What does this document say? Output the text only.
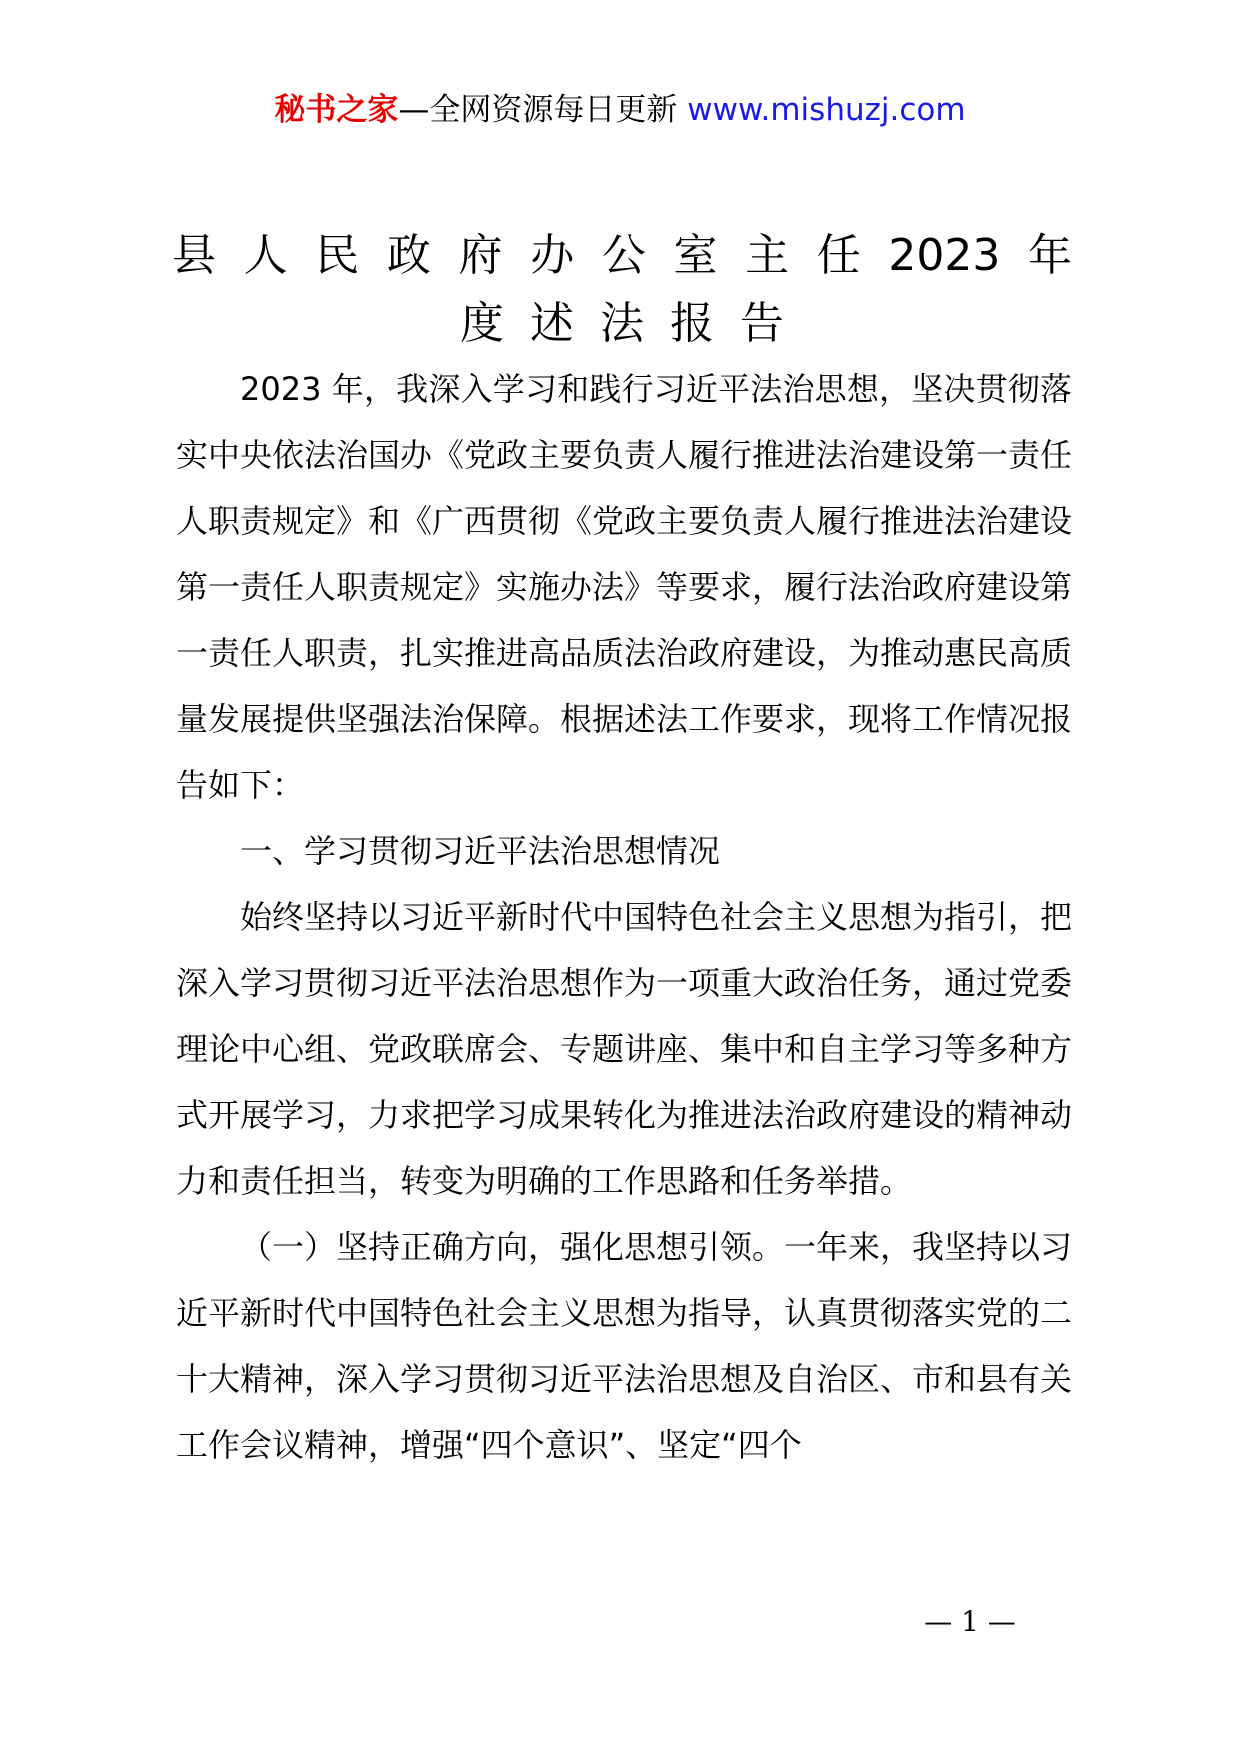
秘书之家—全网资源每日更新 www.mishuzj.com
县人民政府办公室主任2023年
度述法报告

2023 年，我深入学习和践行习近平法治思想，坚决贯彻落实中央依法治国办《党政主要负责人履行推进法治建设第一责任人职责规定》和《广西贯彻《党政主要负责人履行推进法治建设第一责任人职责规定》实施办法》等要求，履行法治政府建设第一责任人职责，扎实推进高品质法治政府建设，为推动惠民高质量发展提供坚强法治保障。根据述法工作要求，现将工作情况报告如下：

一、学习贯彻习近平法治思想情况

始终坚持以习近平新时代中国特色社会主义思想为指引，把深入学习贯彻习近平法治思想作为一项重大政治任务，通过党委理论中心组、党政联席会、专题讲座、集中和自主学习等多种方式开展学习，力求把学习成果转化为推进法治政府建设的精神动力和责任担当，转变为明确的工作思路和任务举措。

（一）坚持正确方向，强化思想引领。一年来，我坚持以习近平新时代中国特色社会主义思想为指导，认真贯彻落实党的二十大精神，深入学习贯彻习近平法治思想及自治区、市和县有关工作会议精神，增强“四个意识”、坚定“四个

— 1 —
